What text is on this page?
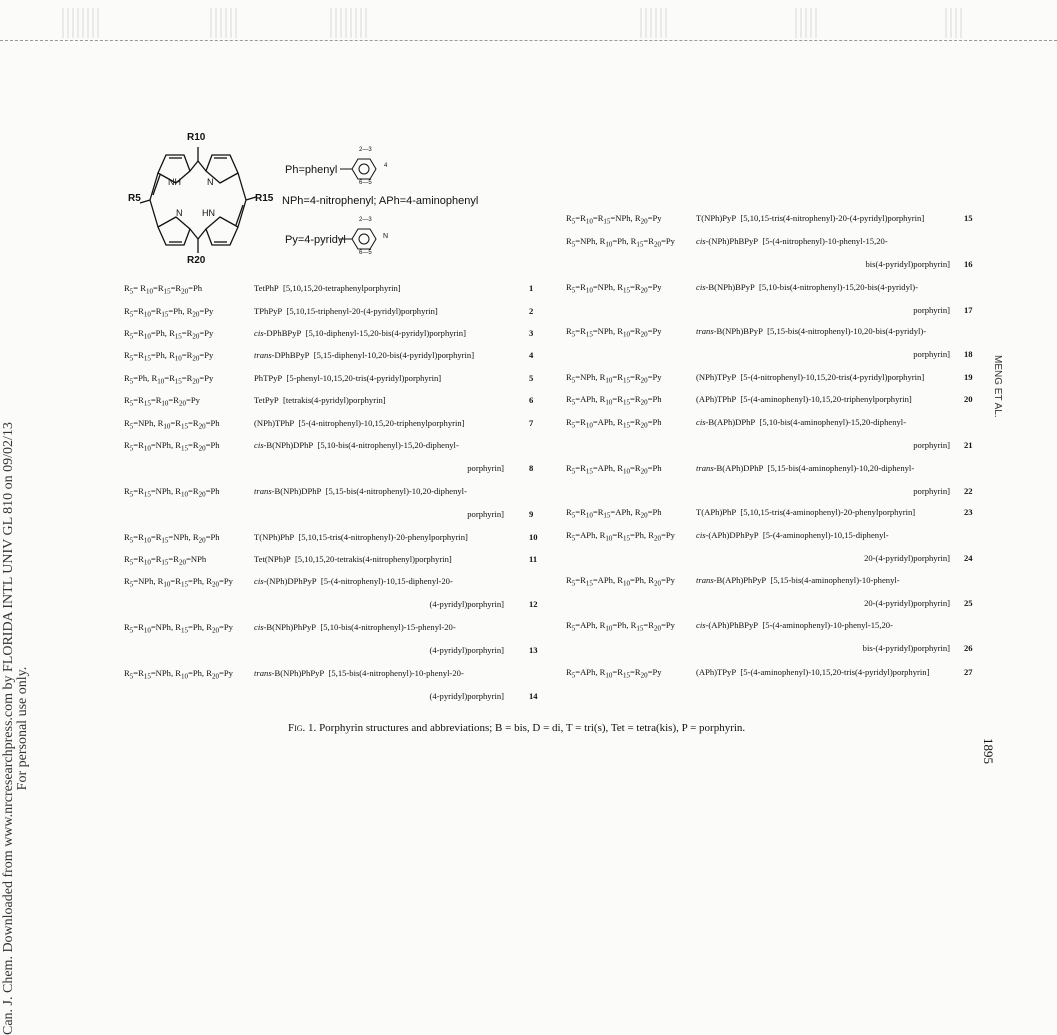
Can. J. Chem. Downloaded from www.nrcresearchpress.com by FLORIDA INTL UNIV GL 810 on 09/02/13 For personal use only.
MENG ET AL.
1895
R10
R5	R15
R20
NH	N
N HN
Ph=phenyl
2—3
4
6—5
NPh=4-nitrophenyl; APh=4-aminophenyl
Py=4-pyridyl
2—3
N
6—5
$R_5= R_{10}=R_{15}=R_{20}=Ph$	TetPhP [5,10,15,20-tetraphenylporphyrin]	1
$R_5=R_{10}=R_{15}=Ph$, $R_{20}=Py$	TPhPyP [5,10,15-triphenyl-20-(4-pyridyl)porphyrin]	2
$R_5=R_{10}=Ph$, $R_{15}=R_{20}=Py$	cis-DPhBPyP [5,10-diphenyl-15,20-bis(4-pyridyl)porphyrin]	3
$R_5=R_{15}=Ph$, $R_{10}=R_{20}=Py$	trans-DPhBPyP [5,15-diphenyl-10,20-bis(4-pyridyl)porphyrin]	4
$R_5=Ph$, $R_{10}=R_{15}=R_{20}=Py$	PhTPyP [5-phenyl-10,15,20-tris(4-pyridyl)porphyrin]	5
$R_5=R_{15}=R_{10}=R_{20}=Py$	TetPyP [tetrakis(4-pyridyl)porphyrin]	6
$R_5=NPh$, $R_{10}=R_{15}=R_{20}=Ph$	(NPh)TPhP [5-(4-nitrophenyl)-10,15,20-triphenylporphyrin]	7
$R_5=R_{10}=NPh$, $R_{15}=R_{20}=Ph$	cis-B(NPh)DPhP [5,10-bis(4-nitrophenyl)-15,20-diphenyl-
porphyrin]	8
$R_5=R_{15}=NPh$, $R_{10}=R_{20}=Ph$	trans-B(NPh)DPhP [5,15-bis(4-nitrophenyl)-10,20-diphenyl-
porphyrin]	9
$R_5=R_{10}=R_{15}=NPh$, $R_{20}=Ph$	T(NPh)PhP [5,10,15-tris(4-nitrophenyl)-20-phenylporphyrin]	10
$R_5=R_{10}=R_{15}=R_{20}=NPh$	Tet(NPh)P [5,10,15,20-tetrakis(4-nitrophenyl)porphyrin]	11
$R_5=NPh$, $R_{10}=R_{15}=Ph$, $R_{20}=Py$ cis-(NPh)DPhPyP [5-(4-nitrophenyl)-10,15-diphenyl-20-
(4-pyridyl)porphyrin]	12
$R_5=R_{10}=NPh$, $R_{15}=Ph$, $R_{20}=Py$ cis-B(NPh)PhPyP [5,10-bis(4-nitrophenyl)-15-phenyl-20-
(4-pyridyl)porphyrin]	13
$R_5=R_{15}=NPh$, $R_{10}=Ph$, $R_{20}=Py$ trans-B(NPh)PhPyP [5,15-bis(4-nitrophenyl)-10-phenyl-20-
(4-pyridyl)porphyrin]	14
$R_5=R_{10}=R_{15}=NPh$, $R_{20}=Py$	T(NPh)PyP [5,10,15-tris(4-nitrophenyl)-20-(4-pyridyl)porphyrin]	15
$R_5=NPh$, $R_{10}=Ph$, $R_{15}=R_{20}=Py$ cis-(NPh)PhBPyP [5-(4-nitrophenyl)-10-phenyl-15,20-
bis(4-pyridyl)porphyrin] 16
$R_5=R_{10}=NPh$, $R_{15}=R_{20}=Py$	cis-B(NPh)BPyP [5,10-bis(4-nitrophenyl)-15,20-bis(4-pyridyl)-
porphyrin] 17
$R_5=R_{15}=NPh$, $R_{10}=R_{20}=Py$	trans-B(NPh)BPyP [5,15-bis(4-nitrophenyl)-10,20-bis(4-pyridyl)-
porphyrin] 18
$R_5=NPh$, $R_{10}=R_{15}=R_{20}=Py$	(NPh)TPyP [5-(4-nitrophenyl)-10,15,20-tris(4-pyridyl)porphyrin]	19
$R_5=APh$, $R_{10}=R_{15}=R_{20}=Ph$	(APh)TPhP [5-(4-aminophenyl)-10,15,20-triphenylporphyrin]	20
$R_5=R_{10}=APh$, $R_{15}=R_{20}=Ph$	cis-B(APh)DPhP [5,10-bis(4-aminophenyl)-15,20-diphenyl-
porphyrin] 21
$R_5=R_{15}=APh$, $R_{10}=R_{20}=Ph$	trans-B(APh)DPhP [5,15-bis(4-aminophenyl)-10,20-diphenyl-
porphyrin] 22
$R_5=R_{10}=R_{15}=APh$, $R_{20}=Ph$	T(APh)PhP [5,10,15-tris(4-aminophenyl)-20-phenylporphyrin]	23
$R_5=APh$, $R_{10}=R_{15}=Ph$, $R_{20}=Py$ cis-(APh)DPhPyP [5-(4-aminophenyl)-10,15-diphenyl-
20-(4-pyridyl)porphyrin] 24
$R_5=R_{15}=APh$, $R_{10}=Ph$, $R_{20}=Py$ trans-B(APh)PhPyP [5,15-bis(4-aminophenyl)-10-phenyl-
20-(4-pyridyl)porphyrin] 25
$R_5=APh$, $R_{10}=Ph$, $R_{15}=R_{20}=Py$ cis-(APh)PhBPyP [5-(4-aminophenyl)-10-phenyl-15,20-
bis-(4-pyridyl)porphyrin] 26
$R_5=APh$, $R_{10}=R_{15}=R_{20}=Py$	(APh)TPyP [5-(4-aminophenyl)-10,15,20-tris(4-pyridyl)porphyrin]	27
Fig. 1. Porphyrin structures and abbreviations; B = bis, D = di, T = tri(s), Tet = tetra(kis), P = porphyrin.
